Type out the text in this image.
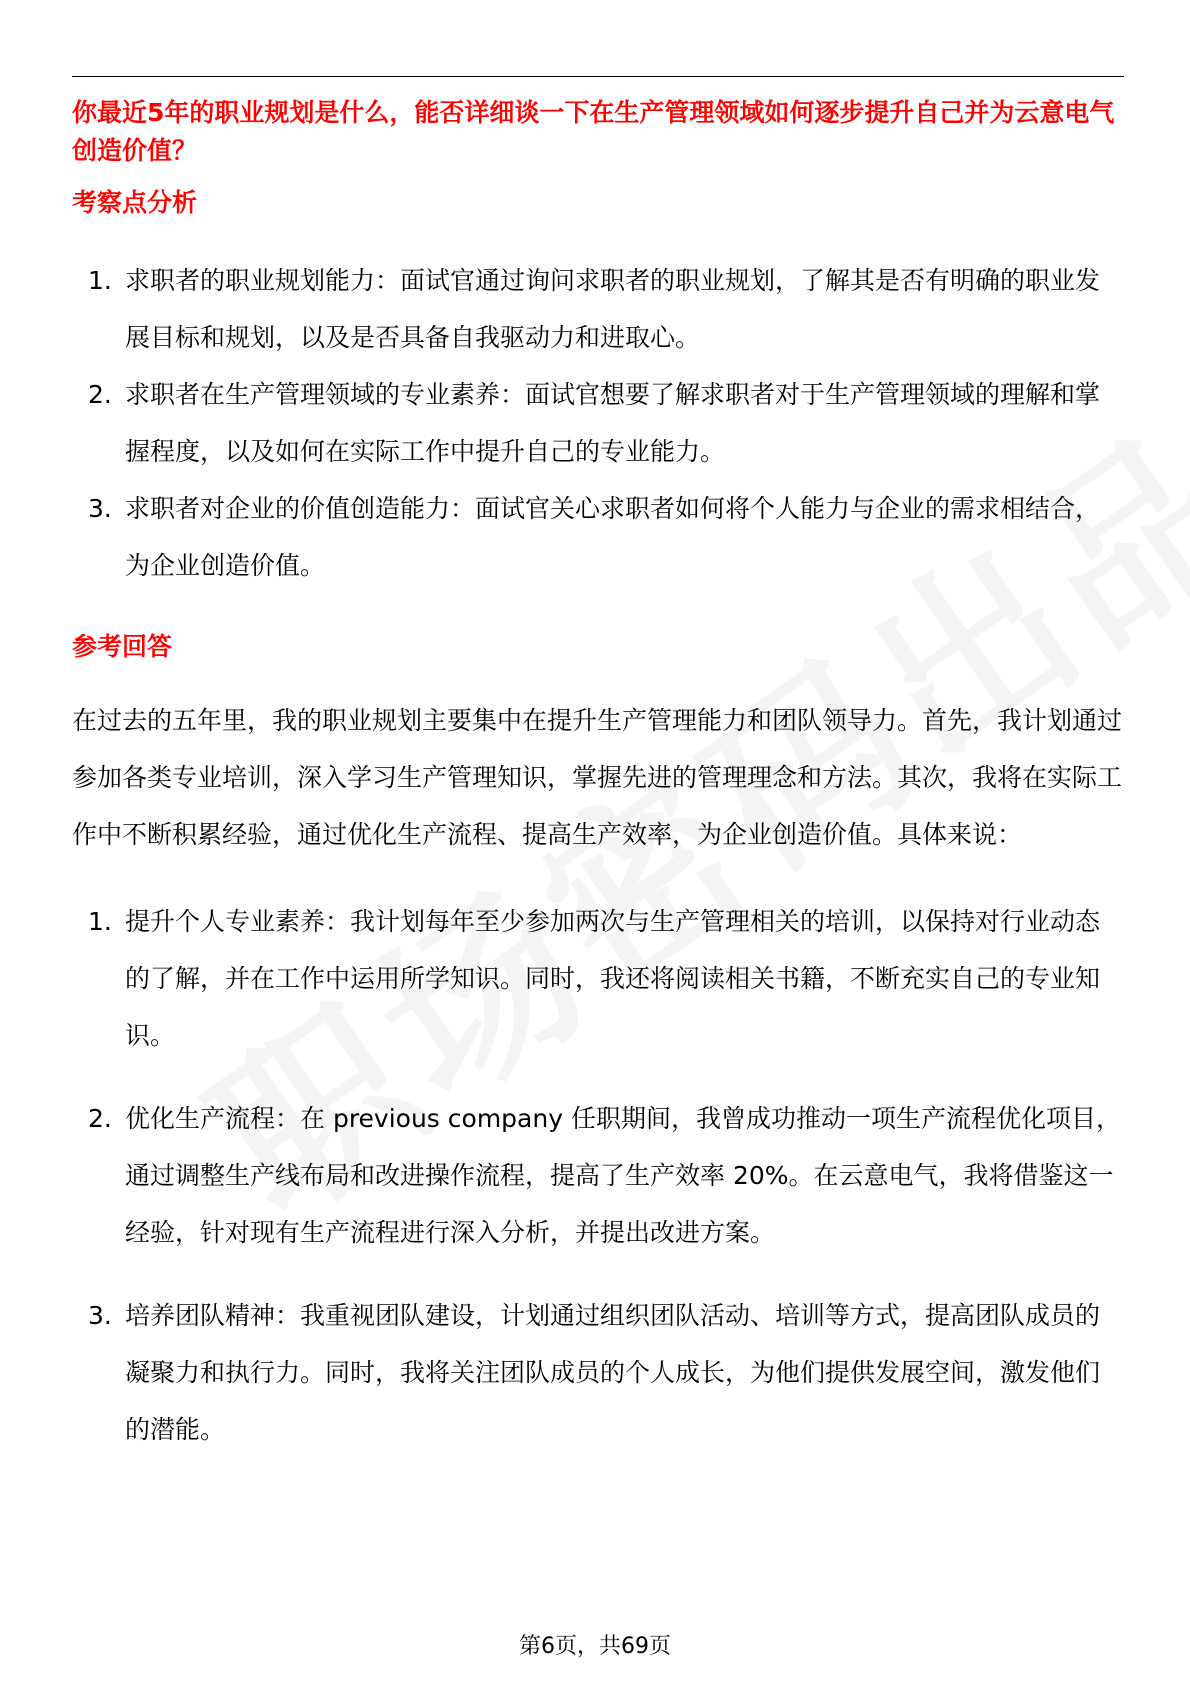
你最近5年的职业规划是什么，能否详细谈一下在生产管理领域如何逐步提升自己并为云意电气创造价值？

考察点分析
1. 求职者的职业规划能力：面试官通过询问求职者的职业规划，了解其是否有明确的职业发展目标和规划，以及是否具备自我驱动力和进取心。
2. 求职者在生产管理领域的专业素养：面试官想要了解求职者对于生产管理领域的理解和掌握程度，以及如何在实际工作中提升自己的专业能力。
3. 求职者对企业的价值创造能力：面试官关心求职者如何将个人能力与企业的需求相结合，为企业创造价值。
参考回答

在过去的五年里，我的职业规划主要集中在提升生产管理能力和团队领导力。首先，我计划通过参加各类专业培训，深入学习生产管理知识，掌握先进的管理理念和方法。其次，我将在实际工作中不断积累经验，通过优化生产流程、提高生产效率，为企业创造价值。具体来说：

1. 提升个人专业素养：我计划每年至少参加两次与生产管理相关的培训，以保持对行业动态的了解，并在工作中运用所学知识。同时，我还将阅读相关书籍，不断充实自己的专业知识。
2. 优化生产流程：在 previous company 任职期间，我曾成功推动一项生产流程优化项目，通过调整生产线布局和改进操作流程，提高了生产效率 20%。在云意电气，我将借鉴这一经验，针对现有生产流程进行深入分析，并提出改进方案。
3. 培养团队精神：我重视团队建设，计划通过组织团队活动、培训等方式，提高团队成员的凝聚力和执行力。同时，我将关注团队成员的个人成长，为他们提供发展空间，激发他们的潜能。
第6页，共69页
